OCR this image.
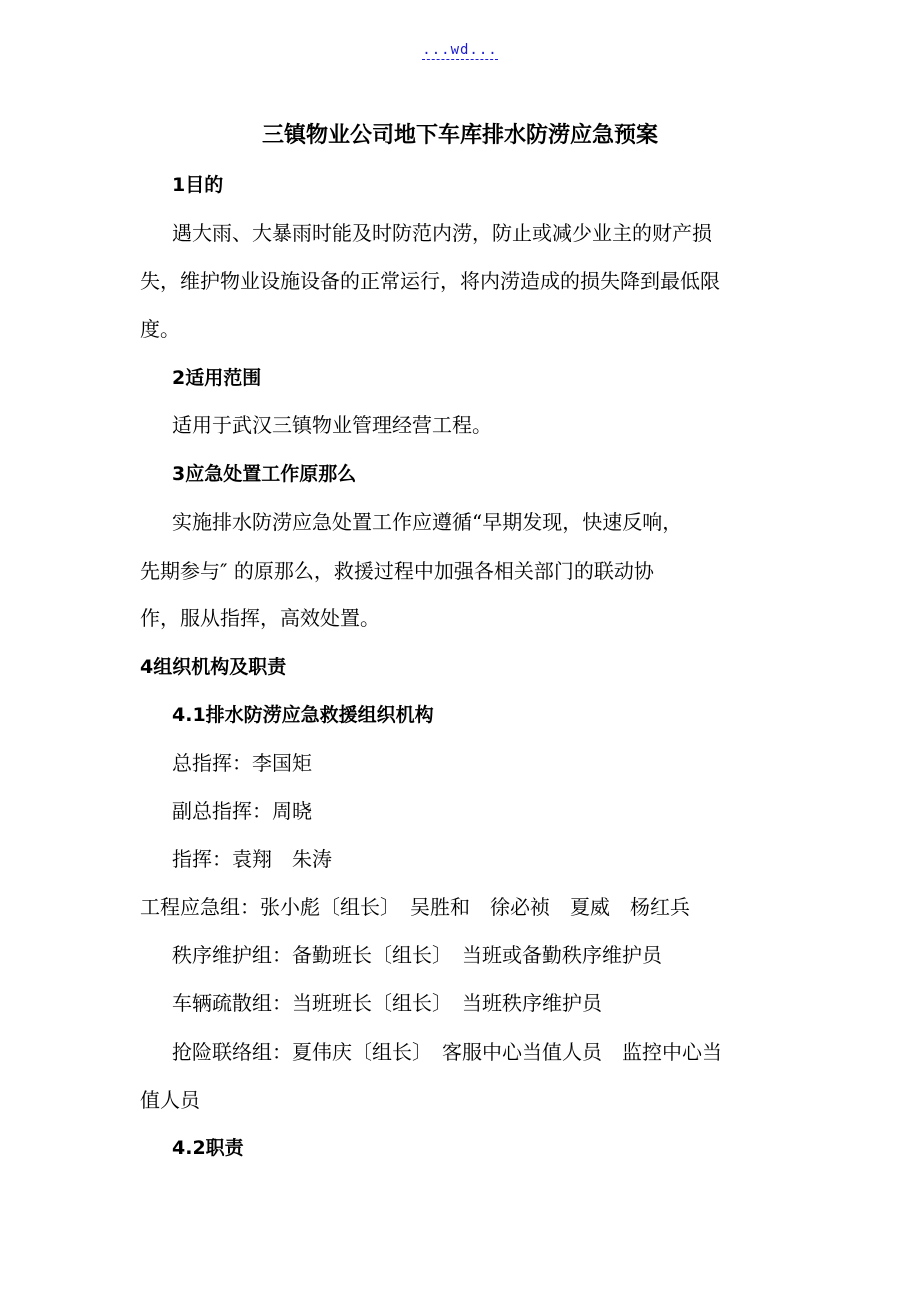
...wd...
三镇物业公司地下车库排水防涝应急预案
1目的
遇大雨、大暴雨时能及时防范内涝，防止或减少业主的财产损
失，维护物业设施设备的正常运行，将内涝造成的损失降到最低限
度。
2适用范围
适用于武汉三镇物业管理经营工程。
3应急处置工作原那么
实施排水防涝应急处置工作应遵循“早期发现，快速反响，
先期参与″ 的原那么，救援过程中加强各相关部门的联动协
作，服从指挥，高效处置。
4组织机构及职责
4.1排水防涝应急救援组织机构
总指挥：李国矩
副总指挥：周晓
指挥：袁翔　朱涛
工程应急组：张小彪〔组长〕　吴胜和　徐必祯　夏威　杨红兵
秩序维护组：备勤班长〔组长〕　当班或备勤秩序维护员
车辆疏散组：当班班长〔组长〕　当班秩序维护员
抢险联络组：夏伟庆〔组长〕　客服中心当值人员　监控中心当
值人员
4.2职责
